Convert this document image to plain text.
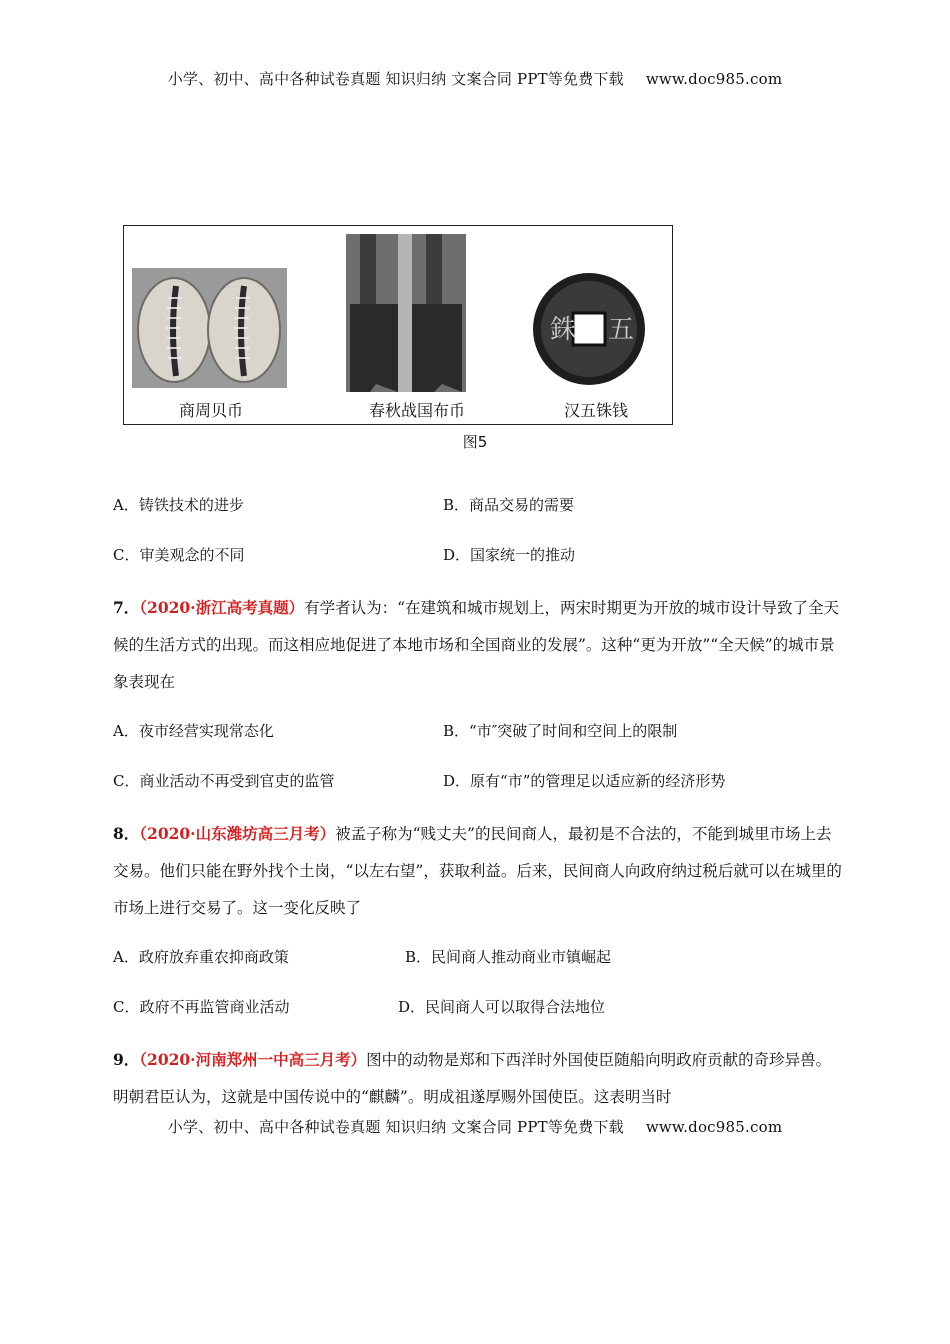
小学、初中、高中各种试卷真题 知识归纳 文案合同 PPT等免费下载 www.doc985.com
銖 五
商周贝币	春秋战国布币	汉五铢钱
图5
A．铸铁技术的进步	B．商品交易的需要
C．审美观念的不同	D．国家统一的推动

7．（2020·浙江高考真题）有学者认为：“在建筑和城市规划上，两宋时期更为开放的城市设计导致了全天候的生活方式的出现。而这相应地促进了本地市场和全国商业的发展”。这种“更为开放”“全天候”的城市景象表现在

A．夜市经营实现常态化	B．“市″突破了时间和空间上的限制
C．商业活动不再受到官吏的监管	D．原有“市”的管理足以适应新的经济形势

8．（2020·山东潍坊高三月考）被孟子称为“贱丈夫”的民间商人，最初是不合法的，不能到城里市场上去交易。他们只能在野外找个土岗，“以左右望”，获取利益。后来，民间商人向政府纳过税后就可以在城里的市场上进行交易了。这一变化反映了

A．政府放弃重农抑商政策	B．民间商人推动商业市镇崛起
C．政府不再监管商业活动	D．民间商人可以取得合法地位

9．（2020·河南郑州一中高三月考）图中的动物是郑和下西洋时外国使臣随船向明政府贡献的奇珍异兽。明朝君臣认为，这就是中国传说中的“麒麟”。明成祖遂厚赐外国使臣。这表明当时

小学、初中、高中各种试卷真题 知识归纳 文案合同 PPT等免费下载 www.doc985.com
